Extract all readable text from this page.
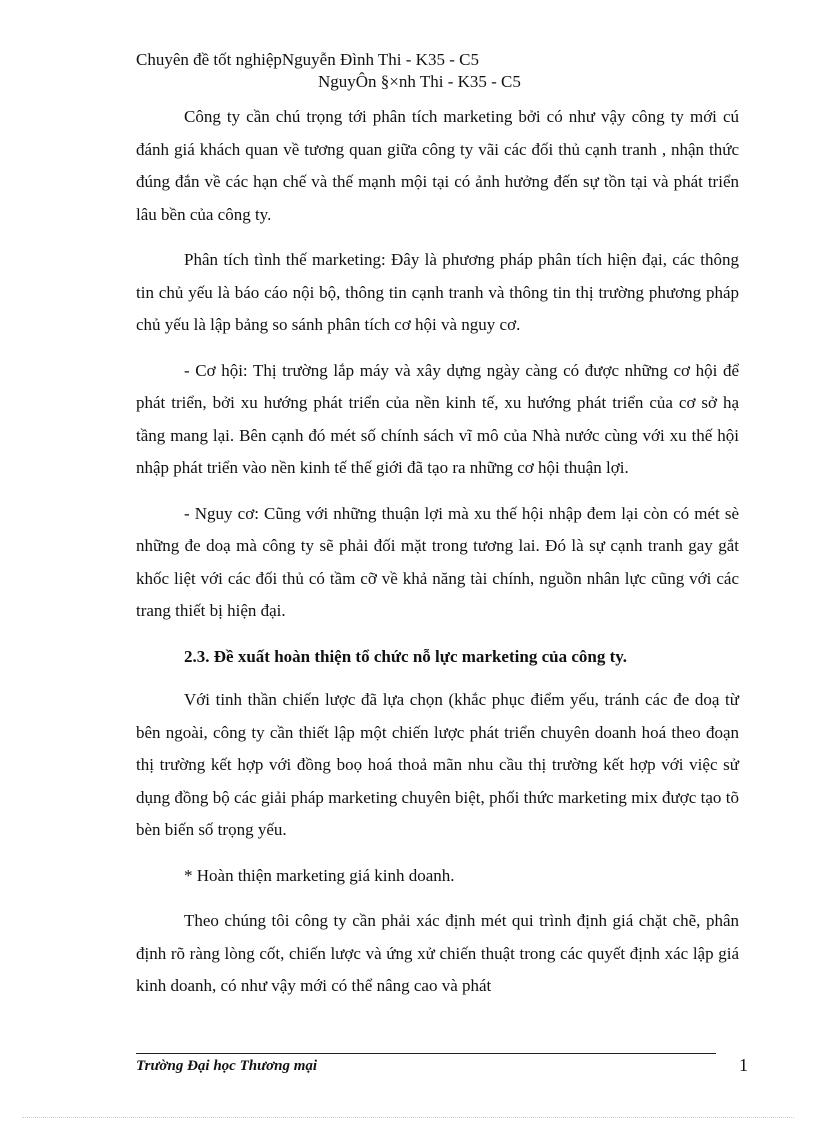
Chuyên đề tốt nghiệpNguyễn Đình Thi - K35 - C5
NguyÔn §×nh Thi - K35 - C5

Công ty cần chú trọng tới phân tích marketing bởi có như vậy công ty mới cú đánh giá khách quan về tương quan giữa công ty vãi các đối thủ cạnh tranh , nhận thức đúng đắn về các hạn chế và thế mạnh mội tại có ảnh hưởng đến sự tồn tại và phát triển lâu bền của công ty.

Phân tích tình thế marketing: Đây là phương pháp phân tích hiện đại, các thông tin chủ yếu là báo cáo nội bộ, thông tin cạnh tranh và thông tin thị trường phương pháp chủ yếu là lập bảng so sánh phân tích cơ hội và nguy cơ.

- Cơ hội: Thị trường lắp máy và xây dựng ngày càng có được những cơ hội để phát triển, bởi xu hướng phát triển của nền kinh tế, xu hướng phát triển của cơ sở hạ tầng mang lại. Bên cạnh đó mét số chính sách vĩ mô của Nhà nước cùng với xu thế hội nhập phát triển vào nền kinh tế thế giới đã tạo ra những cơ hội thuận lợi.

- Nguy cơ: Cũng với những thuận lợi mà xu thế hội nhập đem lại còn có mét sè những đe doạ mà công ty sẽ phải đối mặt trong tương lai. Đó là sự cạnh tranh gay gắt khốc liệt với các đối thủ có tầm cỡ về khả năng tài chính, nguồn nhân lực cũng với các trang thiết bị hiện đại.

2.3. Đề xuất hoàn thiện tổ chức nỗ lực marketing của công ty.

Với tinh thần chiến lược đã lựa chọn (khắc phục điểm yếu, tránh các đe doạ từ bên ngoài, công ty cần thiết lập một chiến lược phát triển chuyên doanh hoá theo đoạn thị trường kết hợp với đồng boọ hoá thoả mãn nhu cầu thị trường kết hợp với việc sử dụng đồng bộ các giải pháp marketing chuyên biệt, phối thức marketing mix được tạo tõ bèn biến số trọng yếu.

* Hoàn thiện marketing giá kinh doanh.

Theo chúng tôi công ty cần phải xác định mét qui trình định giá chặt chẽ, phân định rõ ràng lòng cốt, chiến lược và ứng xử chiến thuật trong các quyết định xác lập giá kinh doanh, có như vậy mới có thể nâng cao và phát

Trường Đại học Thương mại	1
